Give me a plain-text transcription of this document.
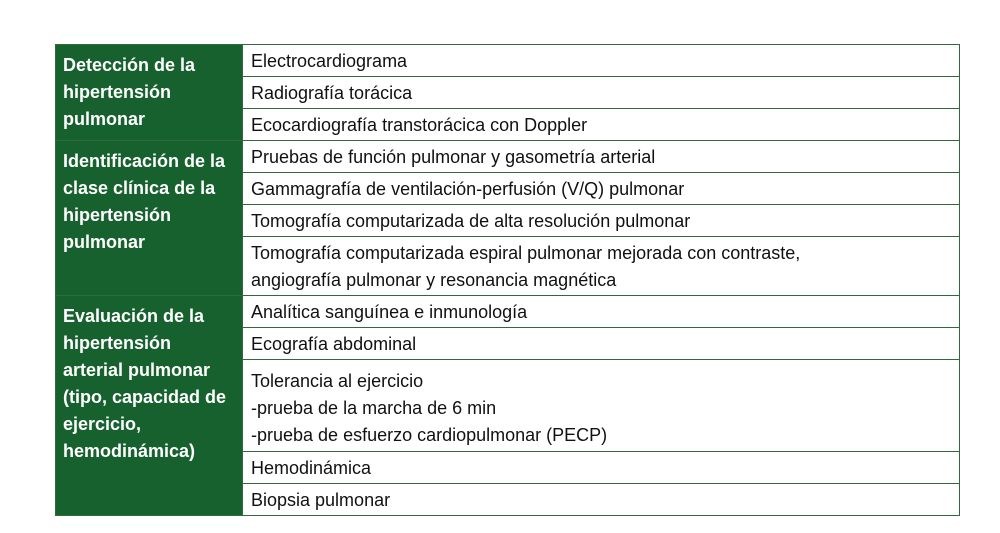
Detección de la hipertensión pulmonar	Electrocardiograma

	Radiografía torácica

	Ecocardiografía transtorácica con Doppler

Identificación de la clase clínica de la hipertensión pulmonar	Pruebas de función pulmonar y gasometría arterial

	Gammagrafía de ventilación-perfusión (V/Q) pulmonar

	Tomografía computarizada de alta resolución pulmonar

	Tomografía computarizada espiral pulmonar mejorada con contraste,
angiografía pulmonar y resonancia magnética

Evaluación de la hipertensión arterial pulmonar (tipo, capacidad de ejercicio, hemodinámica)	Analítica sanguínea e inmunología

	Ecografía abdominal

	Tolerancia al ejercicio
-prueba de la marcha de 6 min
-prueba de esfuerzo cardiopulmonar (PECP)

	Hemodinámica

	Biopsia pulmonar
